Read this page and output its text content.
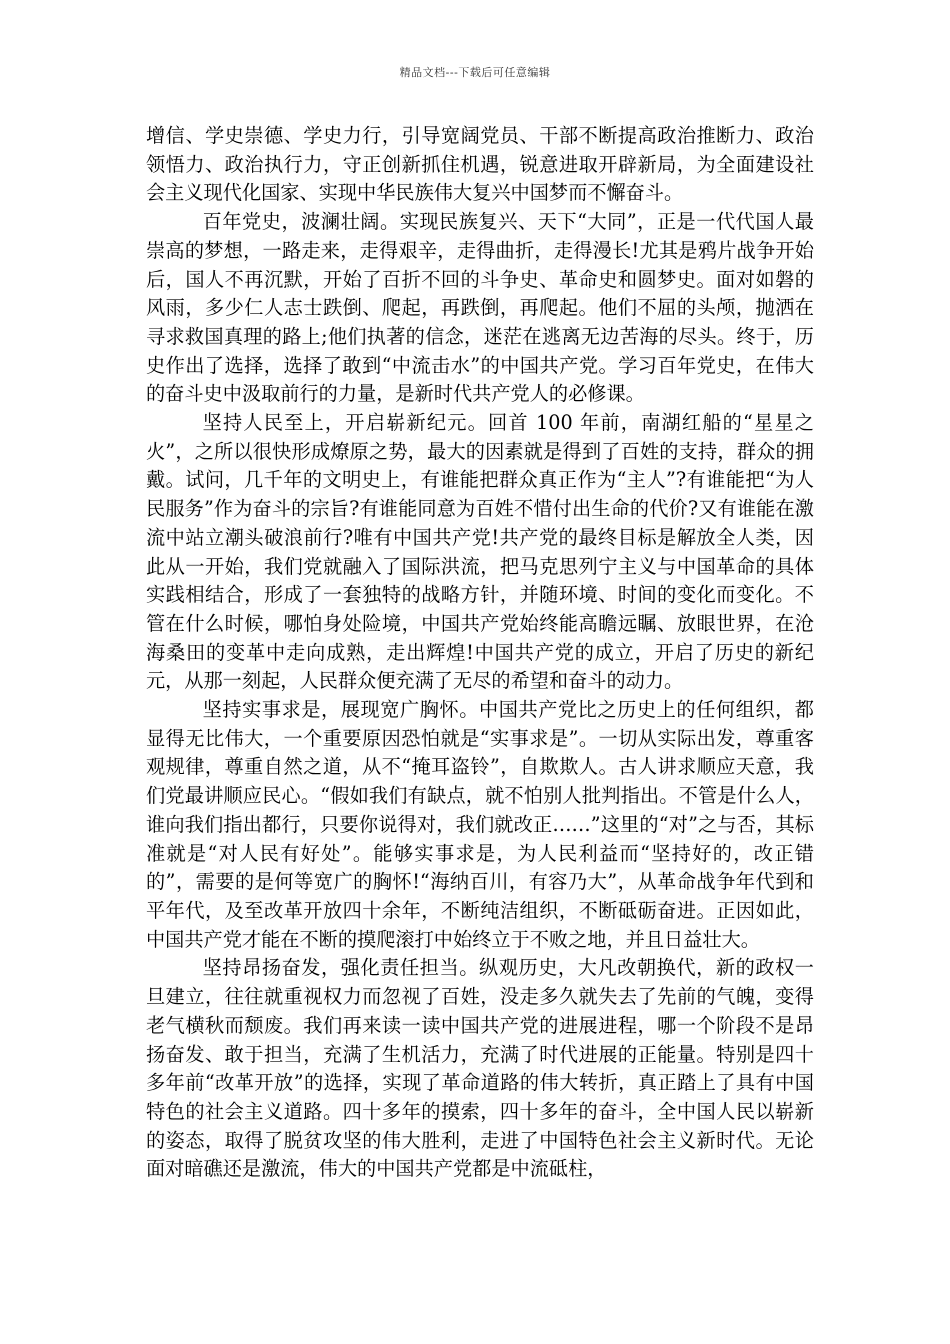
精品文档---下载后可任意编辑

增信、学史崇德、学史力行，引导宽阔党员、干部不断提高政治推断力、政治领悟力、政治执行力，守正创新抓住机遇，锐意进取开辟新局，为全面建设社会主义现代化国家、实现中华民族伟大复兴中国梦而不懈奋斗。

百年党史，波澜壮阔。实现民族复兴、天下“大同”，正是一代代国人最崇高的梦想，一路走来，走得艰辛，走得曲折，走得漫长!尤其是鸦片战争开始后，国人不再沉默，开始了百折不回的斗争史、革命史和圆梦史。面对如磐的风雨，多少仁人志士跌倒、爬起，再跌倒，再爬起。他们不屈的头颅，抛洒在寻求救国真理的路上;他们执著的信念，迷茫在逃离无边苦海的尽头。终于，历史作出了选择，选择了敢到“中流击水”的中国共产党。学习百年党史，在伟大的奋斗史中汲取前行的力量，是新时代共产党人的必修课。

坚持人民至上，开启崭新纪元。回首 100 年前，南湖红船的“星星之火”，之所以很快形成燎原之势，最大的因素就是得到了百姓的支持，群众的拥戴。试问，几千年的文明史上，有谁能把群众真正作为“主人”?有谁能把“为人民服务”作为奋斗的宗旨?有谁能同意为百姓不惜付出生命的代价?又有谁能在激流中站立潮头破浪前行?唯有中国共产党!共产党的最终目标是解放全人类，因此从一开始，我们党就融入了国际洪流，把马克思列宁主义与中国革命的具体实践相结合，形成了一套独特的战略方针，并随环境、时间的变化而变化。不管在什么时候，哪怕身处险境，中国共产党始终能高瞻远瞩、放眼世界，在沧海桑田的变革中走向成熟，走出辉煌!中国共产党的成立，开启了历史的新纪元，从那一刻起，人民群众便充满了无尽的希望和奋斗的动力。

坚持实事求是，展现宽广胸怀。中国共产党比之历史上的任何组织，都显得无比伟大，一个重要原因恐怕就是“实事求是”。一切从实际出发，尊重客观规律，尊重自然之道，从不“掩耳盗铃”，自欺欺人。古人讲求顺应天意，我们党最讲顺应民心。“假如我们有缺点，就不怕别人批判指出。不管是什么人，谁向我们指出都行，只要你说得对，我们就改正……”这里的“对”之与否，其标准就是“对人民有好处”。能够实事求是，为人民利益而“坚持好的，改正错的”，需要的是何等宽广的胸怀!“海纳百川，有容乃大”，从革命战争年代到和平年代，及至改革开放四十余年，不断纯洁组织，不断砥砺奋进。正因如此，中国共产党才能在不断的摸爬滚打中始终立于不败之地，并且日益壮大。

坚持昂扬奋发，强化责任担当。纵观历史，大凡改朝换代，新的政权一旦建立，往往就重视权力而忽视了百姓，没走多久就失去了先前的气魄，变得老气横秋而颓废。我们再来读一读中国共产党的进展进程，哪一个阶段不是昂扬奋发、敢于担当，充满了生机活力，充满了时代进展的正能量。特别是四十多年前“改革开放”的选择，实现了革命道路的伟大转折，真正踏上了具有中国特色的社会主义道路。四十多年的摸索，四十多年的奋斗，全中国人民以崭新的姿态，取得了脱贫攻坚的伟大胜利，走进了中国特色社会主义新时代。无论面对暗礁还是激流，伟大的中国共产党都是中流砥柱，
